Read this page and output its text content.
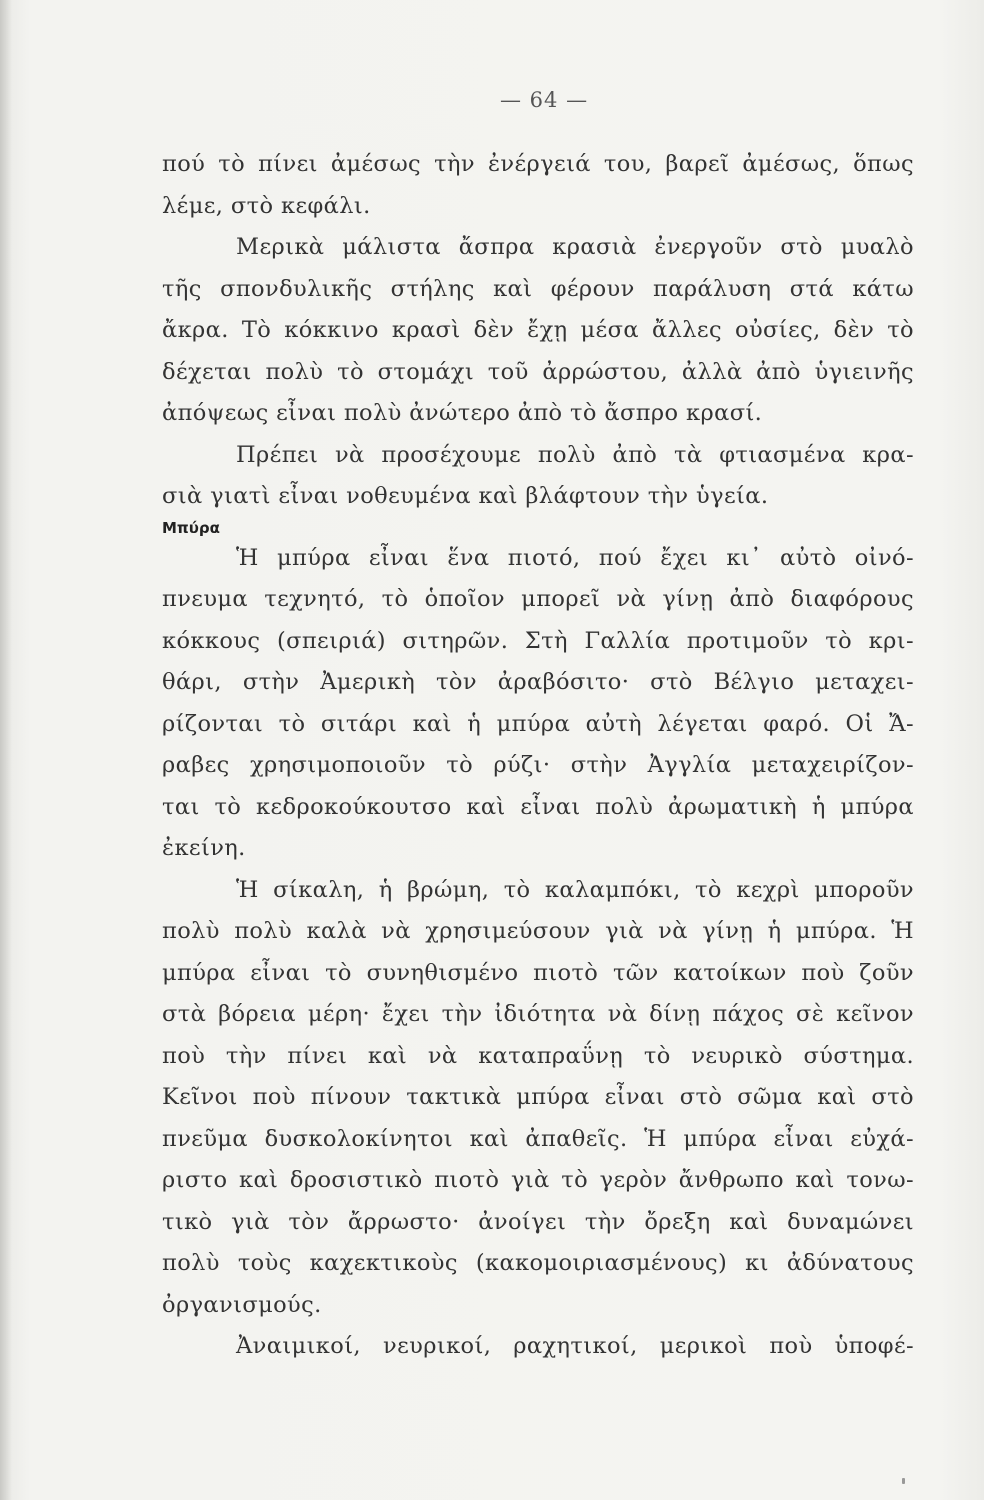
— 64 —
πού τὸ πίνει ἀμέσως τὴν ἐνέργειά του, βαρεῖ ἀμέσως, ὅπως
λέμε, στὸ κεφάλι.
Μερικὰ μάλιστα ἄσπρα κρασιὰ ἐνεργοῦν στὸ μυαλὸ
τῆς σπονδυλικῆς στήλης καὶ φέρουν παράλυση στά κάτω
ἄκρα. Τὸ κόκκινο κρασὶ δὲν ἔχῃ μέσα ἄλλες οὐσίες, δὲν τὸ
δέχεται πολὺ τὸ στομάχι τοῦ ἀρρώστου, ἀλλὰ ἀπὸ ὑγιεινῆς
ἀπόψεως εἶναι πολὺ ἀνώτερο ἀπὸ τὸ ἄσπρο κρασί.
Πρέπει νὰ προσέχουμε πολὺ ἀπὸ τὰ φτιασμένα κρα-
σιὰ γιατὶ εἶναι νοθευμένα καὶ βλάφτουν τὴν ὑγεία.
Μπύρα
Ἡ μπύρα εἶναι ἕνα πιοτό, πού ἔχει κι᾽ αὐτὸ οἰνό-
πνευμα τεχνητό, τὸ ὁποῖον μπορεῖ νὰ γίνῃ ἀπὸ διαφόρους
κόκκους (σπειριά) σιτηρῶν. Στὴ Γαλλία προτιμοῦν τὸ κρι-
θάρι, στὴν Ἀμερικὴ τὸν ἀραβόσιτο· στὸ Βέλγιο μεταχει-
ρίζονται τὸ σιτάρι καὶ ἡ μπύρα αὐτὴ λέγεται φαρό. Οἱ Ἄ-
ραβες χρησιμοποιοῦν τὸ ρύζι· στὴν Ἀγγλία μεταχειρίζον-
ται τὸ κεδροκούκουτσο καὶ εἶναι πολὺ ἀρωματικὴ ἡ μπύρα
ἐκείνη.
Ἡ σίκαλη, ἡ βρώμη, τὸ καλαμπόκι, τὸ κεχρὶ μποροῦν
πολὺ πολὺ καλὰ νὰ χρησιμεύσουν γιὰ νὰ γίνῃ ἡ μπύρα. Ἡ
μπύρα εἶναι τὸ συνηθισμένο πιοτὸ τῶν κατοίκων ποὺ ζοῦν
στὰ βόρεια μέρη· ἔχει τὴν ἰδιότητα νὰ δίνῃ πάχος σὲ κεῖνον
ποὺ τὴν πίνει καὶ νὰ καταπραΰνῃ τὸ νευρικὸ σύστημα.
Κεῖνοι ποὺ πίνουν τακτικὰ μπύρα εἶναι στὸ σῶμα καὶ στὸ
πνεῦμα δυσκολοκίνητοι καὶ ἀπαθεῖς. Ἡ μπύρα εἶναι εὐχά-
ριστο καὶ δροσιστικὸ πιοτὸ γιὰ τὸ γερὸν ἄνθρωπο καὶ τονω-
τικὸ γιὰ τὸν ἄρρωστο· ἀνοίγει τὴν ὄρεξη καὶ δυναμώνει
πολὺ τοὺς καχεκτικοὺς (κακομοιριασμένους) κι ἀδύνατους
ὀργανισμούς.
Ἀναιμικοί, νευρικοί, ραχητικοί, μερικοὶ ποὺ ὑποφέ-
